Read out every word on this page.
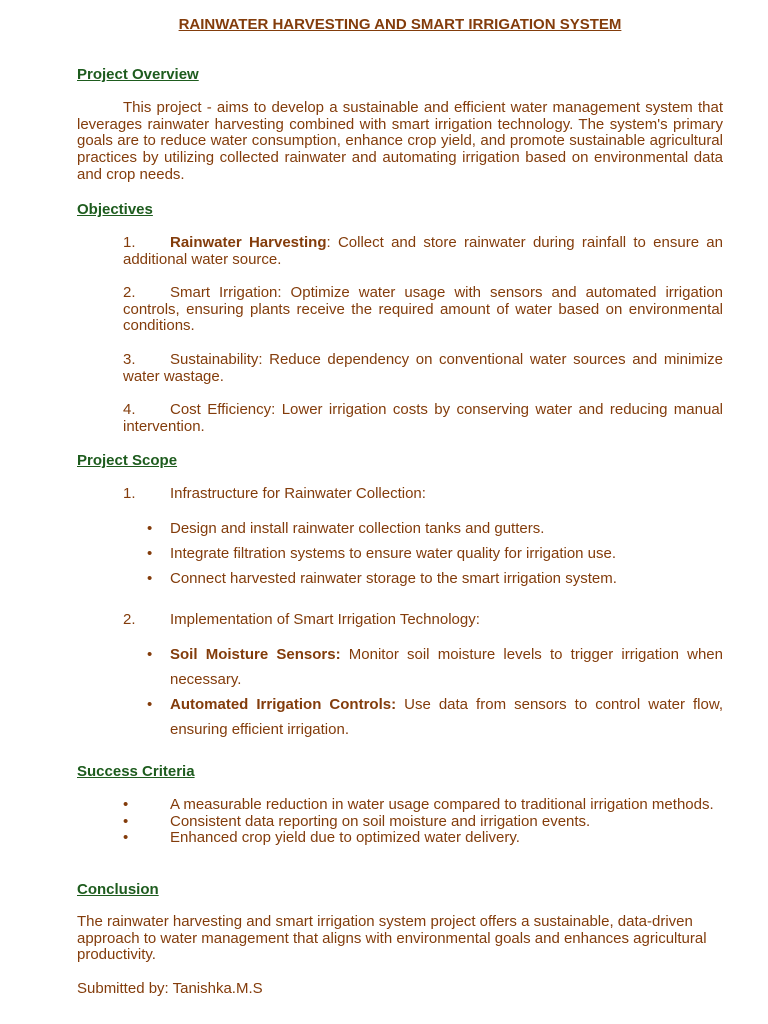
RAINWATER HARVESTING AND SMART IRRIGATION SYSTEM
Project Overview
This project - aims to develop a sustainable and efficient water management system that leverages rainwater harvesting combined with smart irrigation technology. The system's primary goals are to reduce water consumption, enhance crop yield, and promote sustainable agricultural practices by utilizing collected rainwater and automating irrigation based on environmental data and crop needs.
Objectives
1. Rainwater Harvesting: Collect and store rainwater during rainfall to ensure an additional water source.
2. Smart Irrigation: Optimize water usage with sensors and automated irrigation controls, ensuring plants receive the required amount of water based on environmental conditions.
3. Sustainability: Reduce dependency on conventional water sources and minimize water wastage.
4. Cost Efficiency: Lower irrigation costs by conserving water and reducing manual intervention.
Project Scope
1. Infrastructure for Rainwater Collection:
• Design and install rainwater collection tanks and gutters.
• Integrate filtration systems to ensure water quality for irrigation use.
• Connect harvested rainwater storage to the smart irrigation system.
2. Implementation of Smart Irrigation Technology:
• Soil Moisture Sensors: Monitor soil moisture levels to trigger irrigation when necessary.
• Automated Irrigation Controls: Use data from sensors to control water flow, ensuring efficient irrigation.
Success Criteria
•	A measurable reduction in water usage compared to traditional irrigation methods.
•	Consistent data reporting on soil moisture and irrigation events.
•	Enhanced crop yield due to optimized water delivery.
Conclusion
The rainwater harvesting and smart irrigation system project offers a sustainable, data-driven approach to water management that aligns with environmental goals and enhances agricultural productivity.
Submitted by: Tanishka.M.S
